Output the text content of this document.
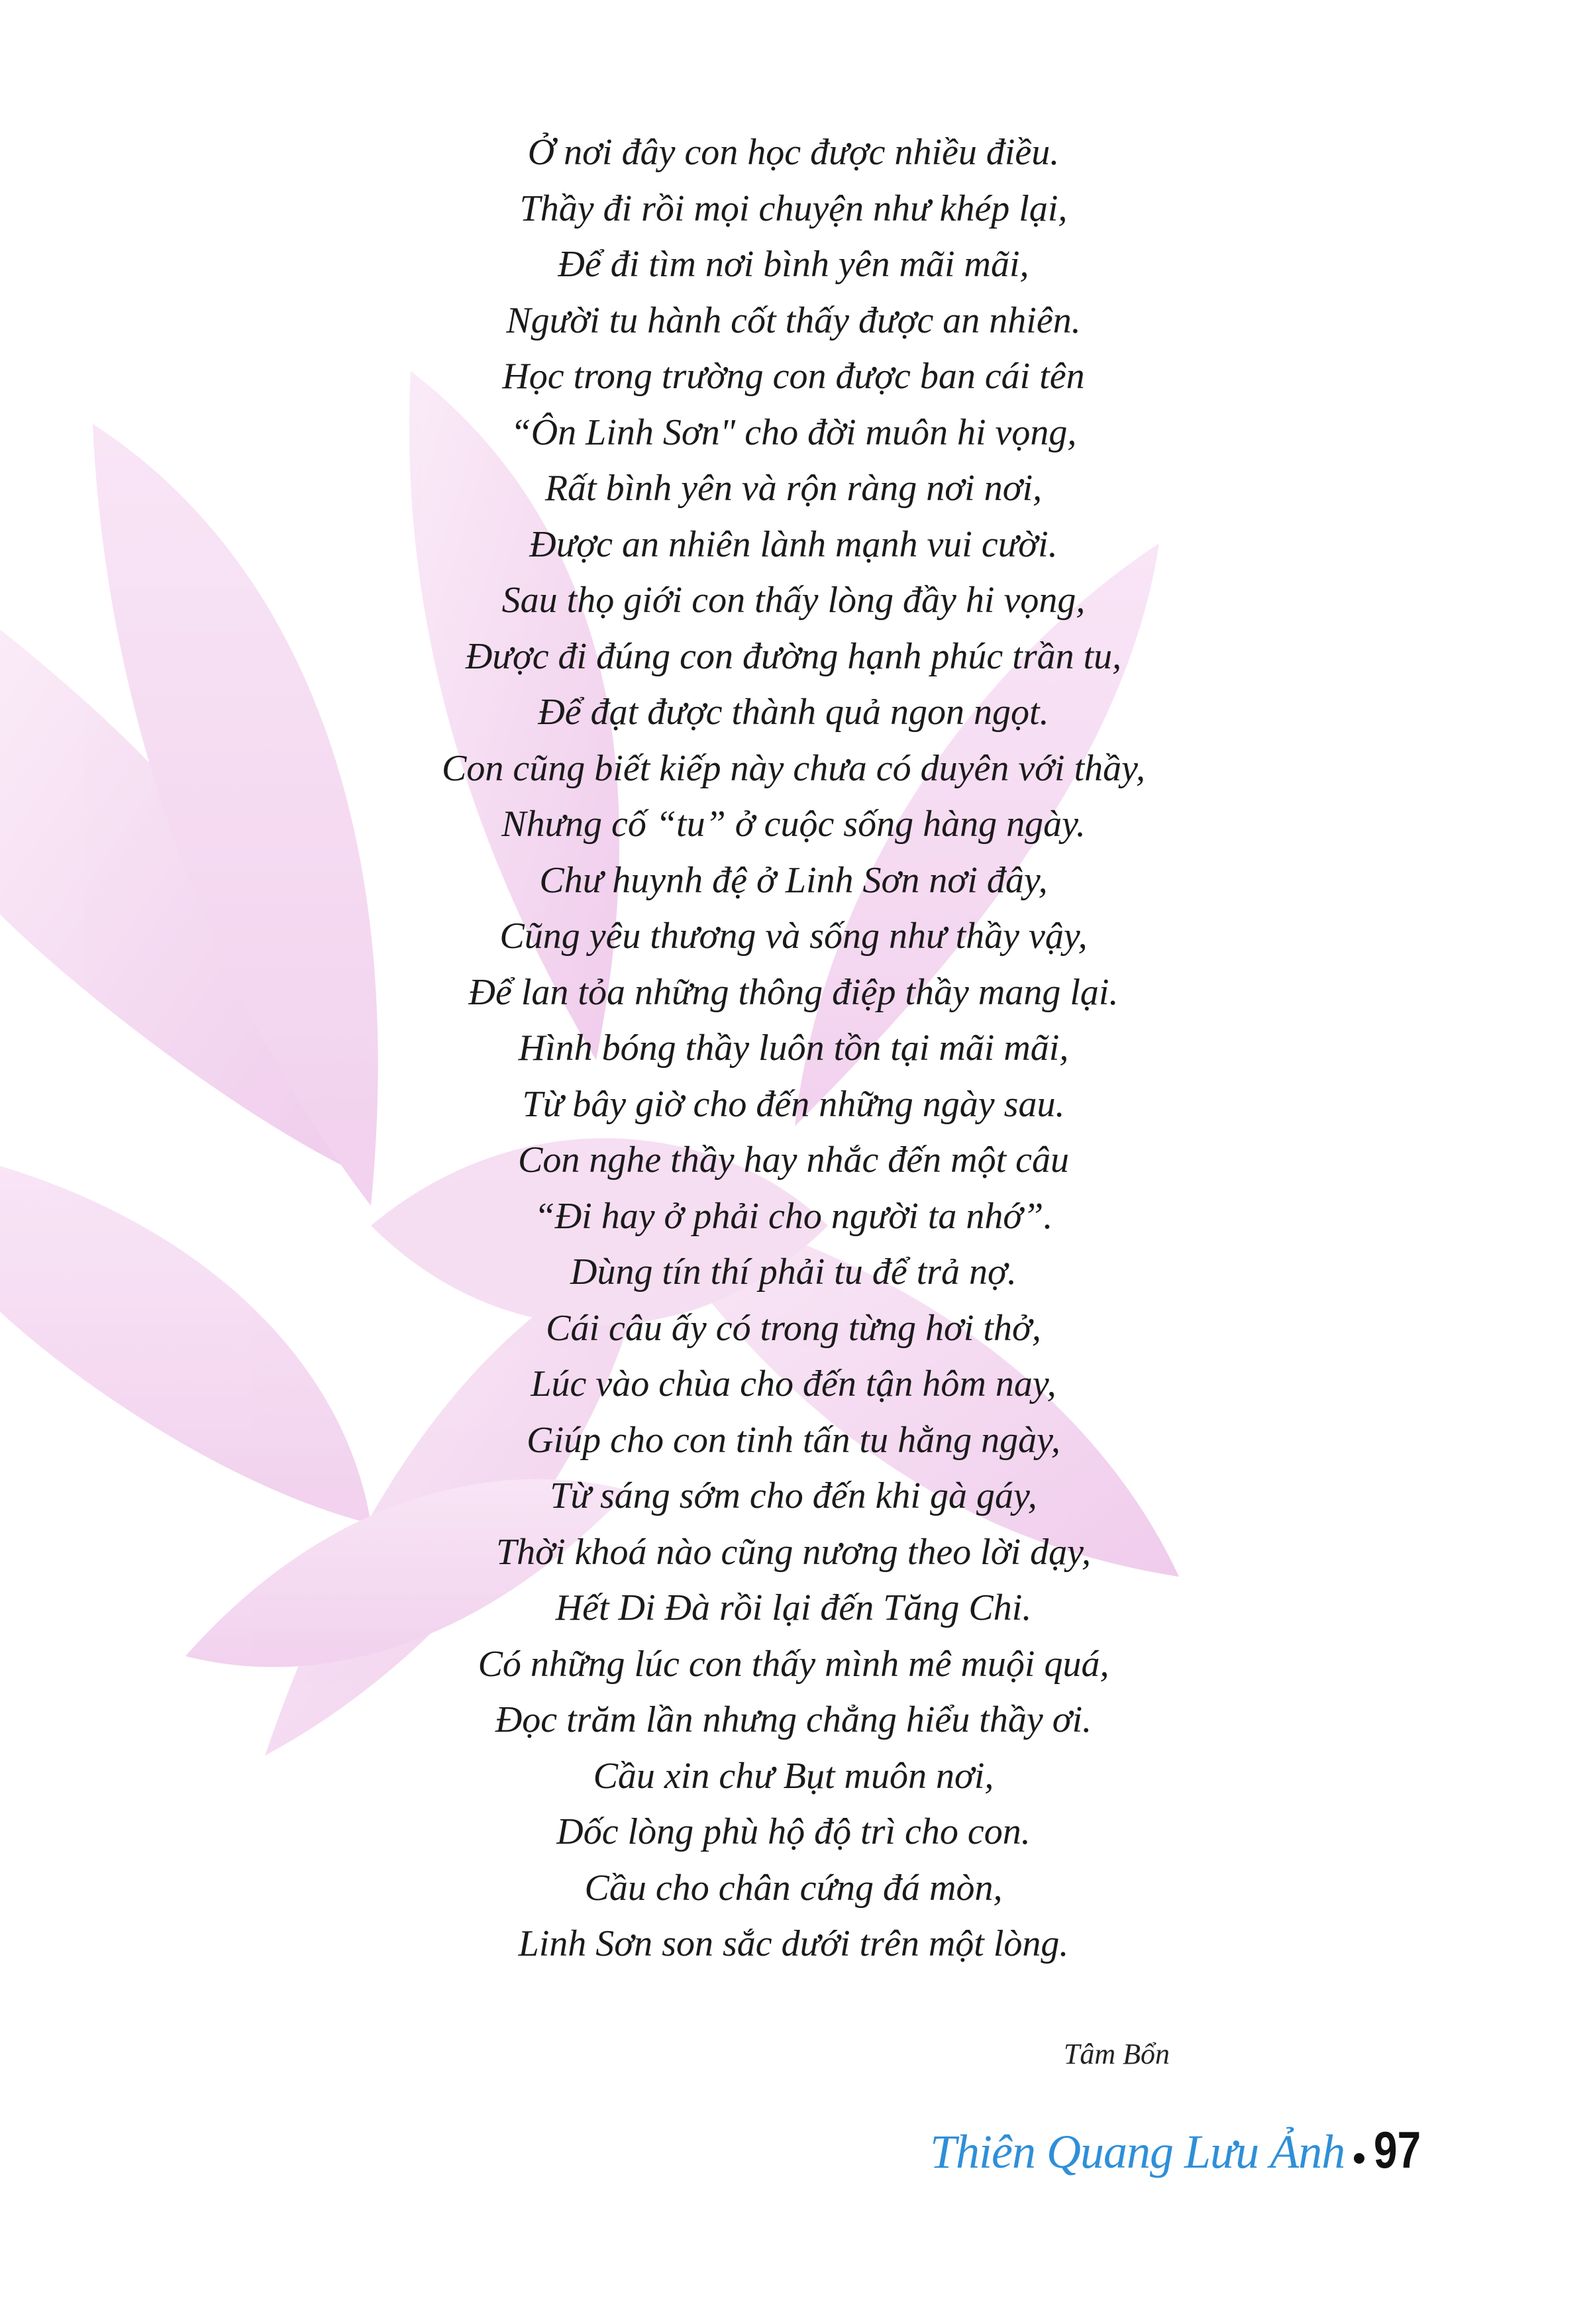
Ở nơi đây con học được nhiều điều.
Thầy đi rồi mọi chuyện như khép lại,
Để đi tìm nơi bình yên mãi mãi,
Người tu hành cốt thấy được an nhiên.
Học trong trường con được ban cái tên
“Ôn Linh Sơn" cho đời muôn hi vọng,
Rất bình yên và rộn ràng nơi nơi,
Được an nhiên lành mạnh vui cười.
Sau thọ giới con thấy lòng đầy hi vọng,
Được đi đúng con đường hạnh phúc trần tu,
Để đạt được thành quả ngon ngọt.
Con cũng biết kiếp này chưa có duyên với thầy,
Nhưng cố “tu” ở cuộc sống hàng ngày.
Chư huynh đệ ở Linh Sơn nơi đây,
Cũng yêu thương và sống như thầy vậy,
Để lan tỏa những thông điệp thầy mang lại.
Hình bóng thầy luôn tồn tại mãi mãi,
Từ bây giờ cho đến những ngày sau.
Con nghe thầy hay nhắc đến một câu
“Đi hay ở phải cho người ta nhớ”.
Dùng tín thí phải tu để trả nợ.
Cái câu ấy có trong từng hơi thở,
Lúc vào chùa cho đến tận hôm nay,
Giúp cho con tinh tấn tu hằng ngày,
Từ sáng sớm cho đến khi gà gáy,
Thời khoá nào cũng nương theo lời dạy,
Hết Di Đà rồi lại đến Tăng Chi.
Có những lúc con thấy mình mê muội quá,
Đọc trăm lần nhưng chẳng hiểu thầy ơi.
Cầu xin chư Bụt muôn nơi,
Dốc lòng phù hộ độ trì cho con.
Cầu cho chân cứng đá mòn,
Linh Sơn son sắc dưới trên một lòng.
Tâm Bổn
Thiên Quang Lưu Ảnh 97
